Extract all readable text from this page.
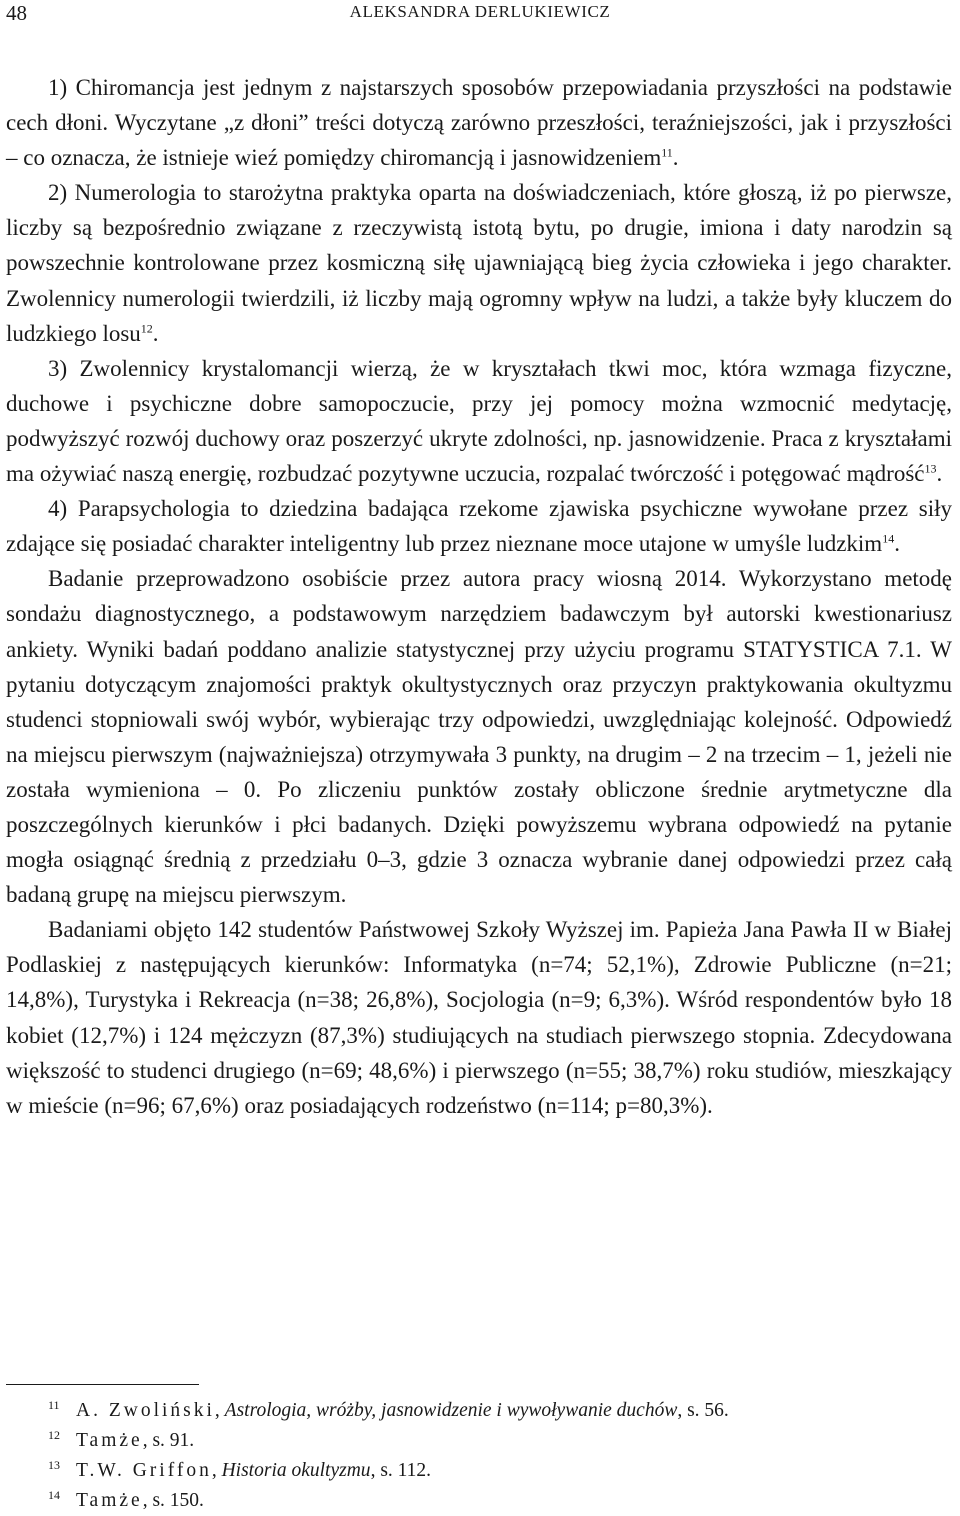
48	ALEKSANDRA DERLUKIEWICZ

1) Chiromancja jest jednym z najstarszych sposobów przepowiadania przyszłości na podstawie cech dłoni. Wyczytane „z dłoni” treści dotyczą zarówno przeszłości, teraźniejszości, jak i przyszłości – co oznacza, że istnieje wieź pomiędzy chiromancją i jasnowidzeniem$^{11}$.

2) Numerologia to starożytna praktyka oparta na doświadczeniach, które głoszą, iż po pierwsze, liczby są bezpośrednio związane z rzeczywistą istotą bytu, po drugie, imiona i daty narodzin są powszechnie kontrolowane przez kosmiczną siłę ujawniającą bieg życia człowieka i jego charakter. Zwolennicy numerologii twierdzili, iż liczby mają ogromny wpływ na ludzi, a także były kluczem do ludzkiego losu$^{12}$.

3) Zwolennicy krystalomancji wierzą, że w kryształach tkwi moc, która wzmaga fizyczne, duchowe i psychiczne dobre samopoczucie, przy jej pomocy można wzmocnić medytację, podwyższyć rozwój duchowy oraz poszerzyć ukryte zdolności, np. jasnowidzenie. Praca z kryształami ma ożywiać naszą energię, rozbudzać pozytywne uczucia, rozpalać twórczość i potęgować mądrość$^{13}$.

4) Parapsychologia to dziedzina badająca rzekome zjawiska psychiczne wywołane przez siły zdające się posiadać charakter inteligentny lub przez nieznane moce utajone w umyśle ludzkim$^{14}$.

Badanie przeprowadzono osobiście przez autora pracy wiosną 2014. Wykorzystano metodę sondażu diagnostycznego, a podstawowym narzędziem badawczym był autorski kwestionariusz ankiety. Wyniki badań poddano analizie statystycznej przy użyciu programu STATYSTICA 7.1. W pytaniu dotyczącym znajomości praktyk okultystycznych oraz przyczyn praktykowania okultyzmu studenci stopniowali swój wybór, wybierając trzy odpowiedzi, uwzględniając kolejność. Odpowiedź na miejscu pierwszym (najważniejsza) otrzymywała 3 punkty, na drugim – 2 na trzecim – 1, jeżeli nie została wymieniona – 0. Po zliczeniu punktów zostały obliczone średnie arytmetyczne dla poszczególnych kierunków i płci badanych. Dzięki powyższemu wybrana odpowiedź na pytanie mogła osiągnąć średnią z przedziału 0–3, gdzie 3 oznacza wybranie danej odpowiedzi przez całą badaną grupę na miejscu pierwszym.

Badaniami objęto 142 studentów Państwowej Szkoły Wyższej im. Papieża Jana Pawła II w Białej Podlaskiej z następujących kierunków: Informatyka (n=74; 52,1%), Zdrowie Publiczne (n=21; 14,8%), Turystyka i Rekreacja (n=38; 26,8%), Socjologia (n=9; 6,3%). Wśród respondentów było 18 kobiet (12,7%) i 124 mężczyzn (87,3%) studiujących na studiach pierwszego stopnia. Zdecydowana większość to studenci drugiego (n=69; 48,6%) i pierwszego (n=55; 38,7%) roku studiów, mieszkający w mieście (n=96; 67,6%) oraz posiadających rodzeństwo (n=114; p=80,3%).

11 A. Zwoliński, Astrologia, wróżby, jasnowidzenie i wywoływanie duchów, s. 56.
12 Tamże, s. 91.
13 T.W. Griffon, Historia okultyzmu, s. 112.
14 Tamże, s. 150.
